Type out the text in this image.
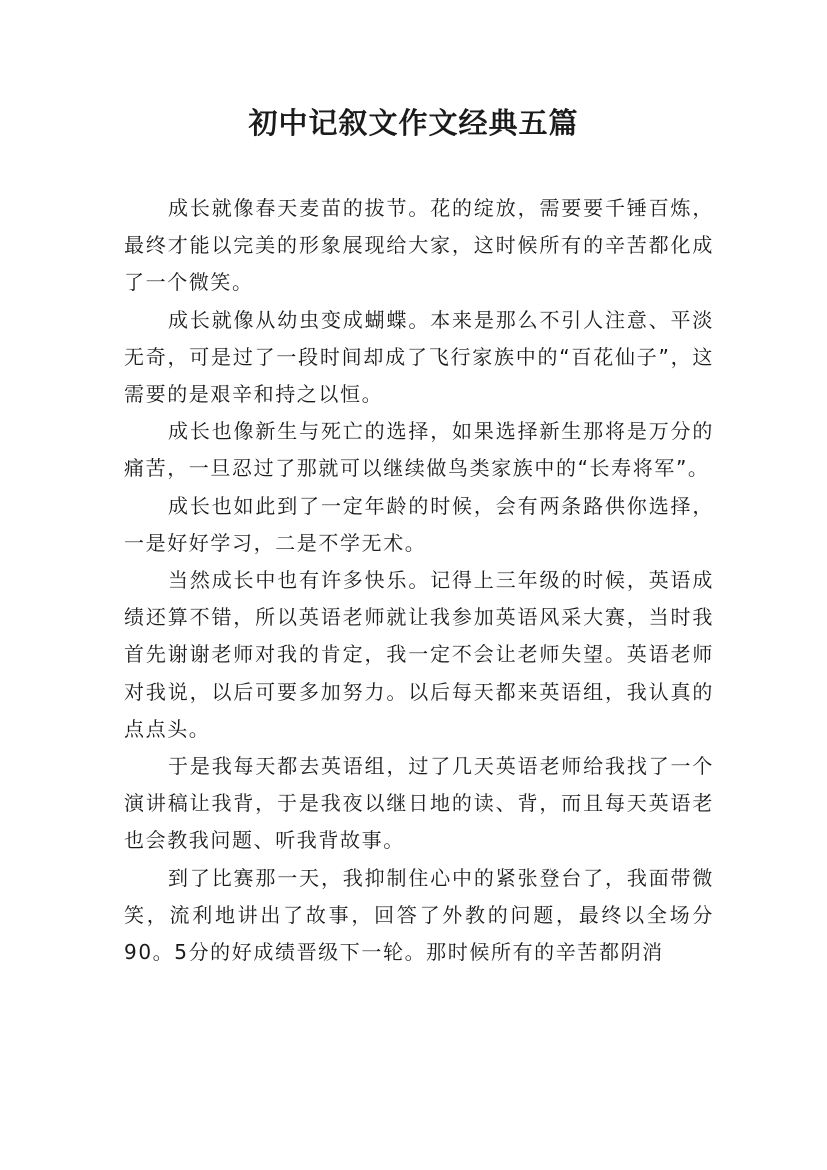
初中记叙文作文经典五篇

成长就像春天麦苗的拔节。花的绽放，需要要千锤百炼，最终才能以完美的形象展现给大家，这时候所有的辛苦都化成了一个微笑。

成长就像从幼虫变成蝴蝶。本来是那么不引人注意、平淡无奇，可是过了一段时间却成了飞行家族中的“百花仙子”，这需要的是艰辛和持之以恒。

成长也像新生与死亡的选择，如果选择新生那将是万分的痛苦，一旦忍过了那就可以继续做鸟类家族中的“长寿将军”。

成长也如此到了一定年龄的时候，会有两条路供你选择，一是好好学习，二是不学无术。

当然成长中也有许多快乐。记得上三年级的时候，英语成绩还算不错，所以英语老师就让我参加英语风采大赛，当时我首先谢谢老师对我的肯定，我一定不会让老师失望。英语老师对我说，以后可要多加努力。以后每天都来英语组，我认真的点点头。

于是我每天都去英语组，过了几天英语老师给我找了一个演讲稿让我背，于是我夜以继日地的读、背，而且每天英语老也会教我问题、听我背故事。

到了比赛那一天，我抑制住心中的紧张登台了，我面带微笑，流利地讲出了故事，回答了外教的问题，最终以全场分90。5分的好成绩晋级下一轮。那时候所有的辛苦都阴消
